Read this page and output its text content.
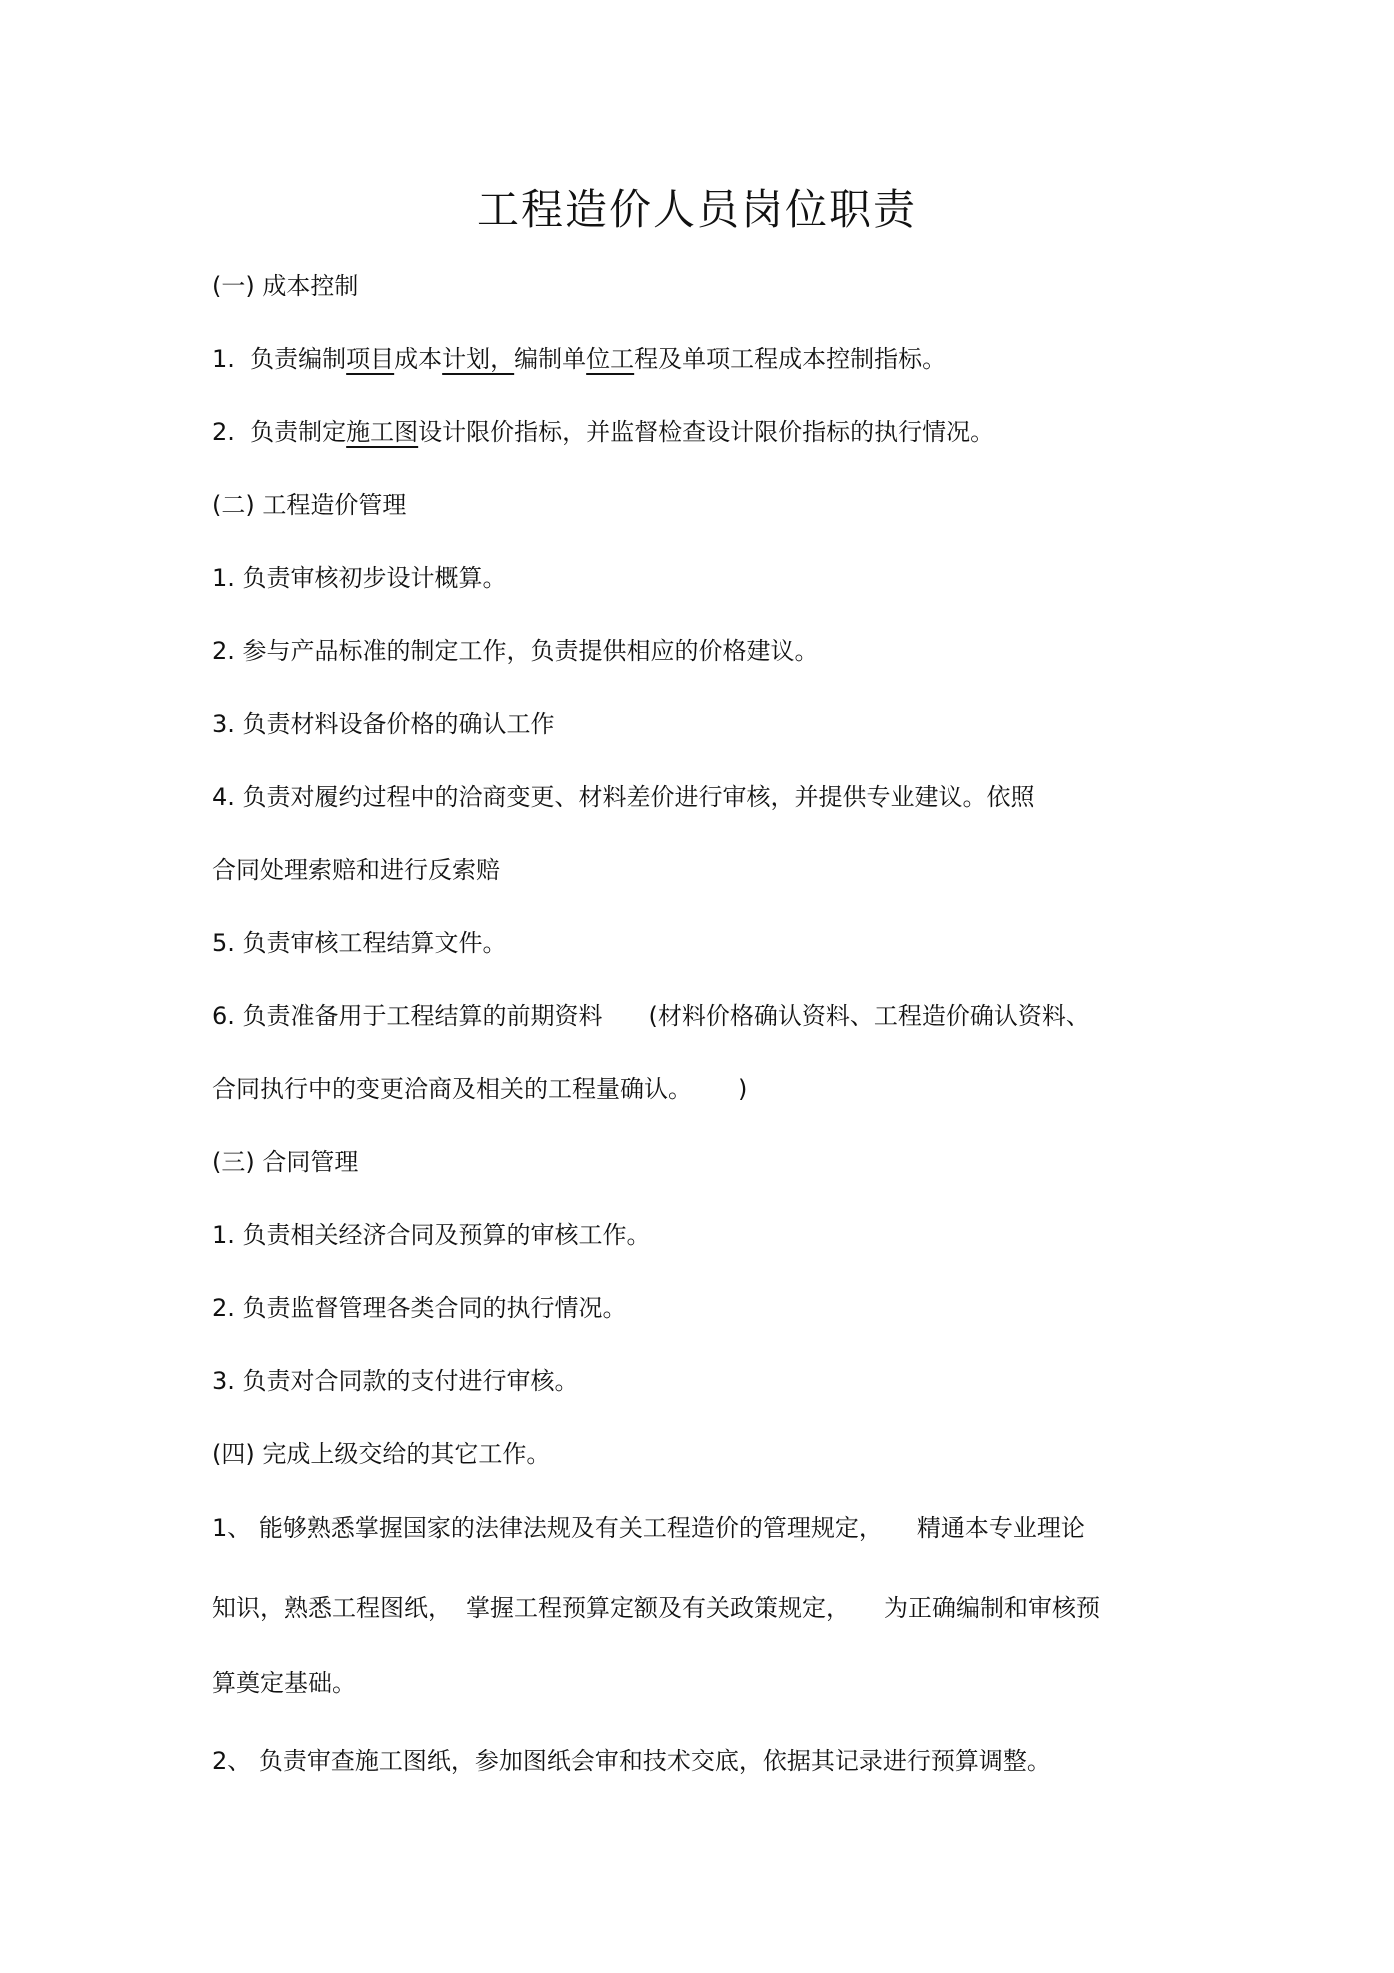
工程造价人员岗位职责

(一) 成本控制

1. 负责编制项目成本计划，编制单位工程及单项工程成本控制指标。

2. 负责制定施工图设计限价指标，并监督检查设计限价指标的执行情况。

(二) 工程造价管理

1. 负责审核初步设计概算。

2. 参与产品标准的制定工作，负责提供相应的价格建议。

3. 负责材料设备价格的确认工作

4. 负责对履约过程中的洽商变更、材料差价进行审核，并提供专业建议。依照

合同处理索赔和进行反索赔

5. 负责审核工程结算文件。

6. 负责准备用于工程结算的前期资料 (材料价格确认资料、工程造价确认资料、

合同执行中的变更洽商及相关的工程量确认。 )

(三) 合同管理

1. 负责相关经济合同及预算的审核工作。

2. 负责监督管理各类合同的执行情况。

3. 负责对合同款的支付进行审核。

(四) 完成上级交给的其它工作。

1、 能够熟悉掌握国家的法律法规及有关工程造价的管理规定， 精通本专业理论

知识，熟悉工程图纸， 掌握工程预算定额及有关政策规定， 为正确编制和审核预

算奠定基础。

2、 负责审查施工图纸，参加图纸会审和技术交底，依据其记录进行预算调整。
